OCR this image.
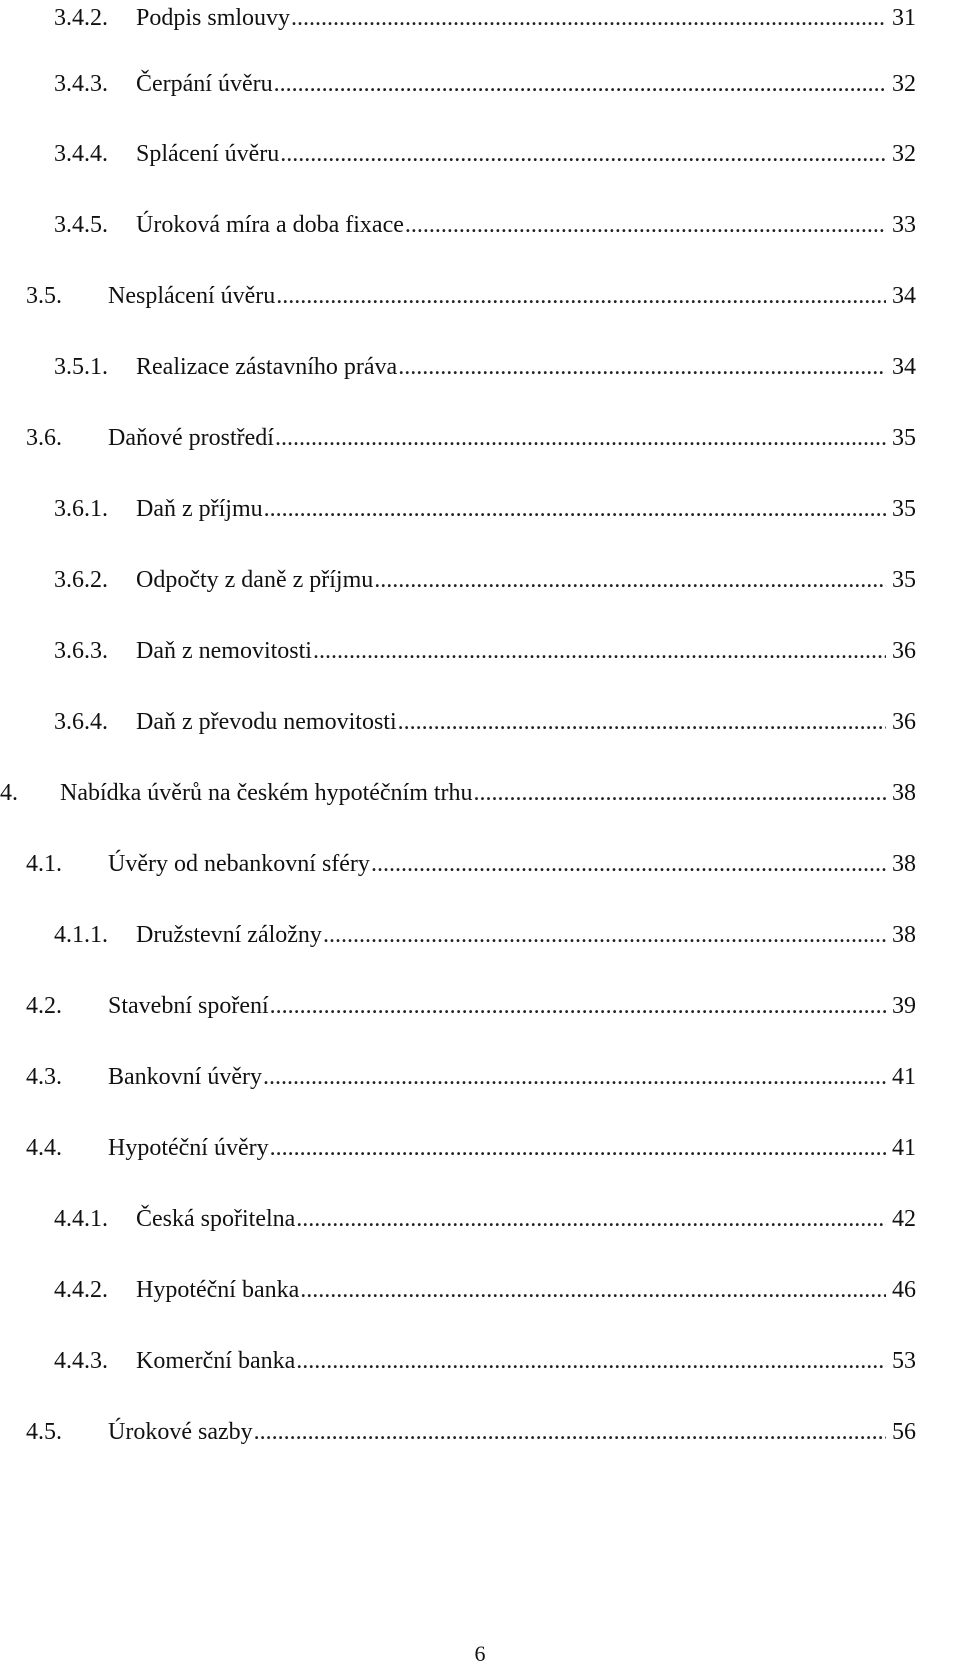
3.4.2.	Podpis smlouvy .....	31
3.4.3.	Čerpání úvěru .....	32
3.4.4.	Splácení úvěru .....	32
3.4.5.	Úroková míra a doba fixace .....	33
3.5.	Nesplácení úvěru .....	34
3.5.1.	Realizace zástavního práva .....	34
3.6.	Daňové prostředí .....	35
3.6.1.	Daň z příjmu .....	35
3.6.2.	Odpočty z daně z příjmu .....	35
3.6.3.	Daň z nemovitosti .....	36
3.6.4.	Daň z převodu nemovitosti .....	36
4.	Nabídka úvěrů na českém hypotéčním trhu .....	38
4.1.	Úvěry od nebankovní sféry .....	38
4.1.1.	Družstevní záložny .....	38
4.2.	Stavební spoření .....	39
4.3.	Bankovní úvěry .....	41
4.4.	Hypotéční úvěry .....	41
4.4.1.	Česká spořitelna .....	42
4.4.2.	Hypotéční banka .....	46
4.4.3.	Komerční banka .....	53
4.5.	Úrokové sazby .....	56
6
